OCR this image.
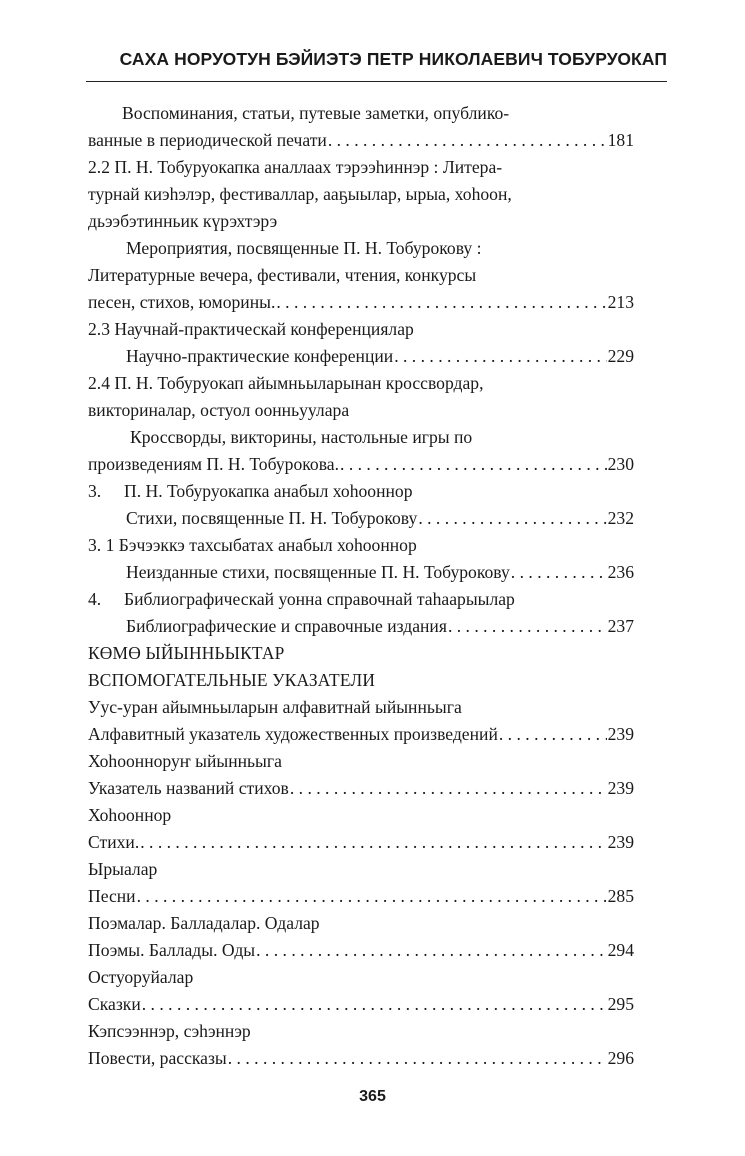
САХА НОРУОТУН БЭЙИЭТЭ ПЕТР НИКОЛАЕВИЧ ТОБУРУОКАП
Воспоминания, статьи, путевые заметки, опублико-
ванные в периодической печати . . .	181
2.2 П. Н. Тобуруокапка аналлаах тэрээһиннэр : Литера-
турнай киэһэлэр, фестиваллар, ааҕыылар, ырыа, хоһоон,
дьээбэтинньик күрэхтэрэ
Мероприятия, посвященные П. Н. Тобурокову :
Литературные вечера, фестивали, чтения, конкурсы
песен, стихов, юморины. . . .	213
2.3 Научнай-практическай конференциялар
Научно-практические конференции . . .	229
2.4 П. Н. Тобуруокап айымньыларынан кроссвордар,
викториналар, остуол оонньуулара
Кроссворды, викторины, настольные игры по
произведениям П. Н. Тобурокова. . . .	230
3. П. Н. Тобуруокапка анабыл хоһооннор
Стихи, посвященные П. Н. Тобурокову . . .	232
3. 1 Бэчээккэ тахсыбатах анабыл хоһооннор
Неизданные стихи, посвященные П. Н. Тобурокову . . .	236
4. Библиографическай уонна справочнай таһаарыылар
Библиографические и справочные издания . . .	237
КӨМӨ ЫЙЫННЬЫКТАР
ВСПОМОГАТЕЛЬНЫЕ УКАЗАТЕЛИ
Уус-уран айымньыларын алфавитнай ыйынньыга
Алфавитный указатель художественных произведений . . .	239
Хоһоонноруҥ ыйынньыга
Указатель названий стихов . . .	239
Хоһооннор
Стихи. . . .	239
Ырыалар
Песни . . .	285
Поэмалар. Балладалар. Одалар
Поэмы. Баллады. Оды . . .	294
Остуоруйалар
Сказки . . .	295
Кэпсээннэр, сэһэннэр
Повести, рассказы . . .	296
365
